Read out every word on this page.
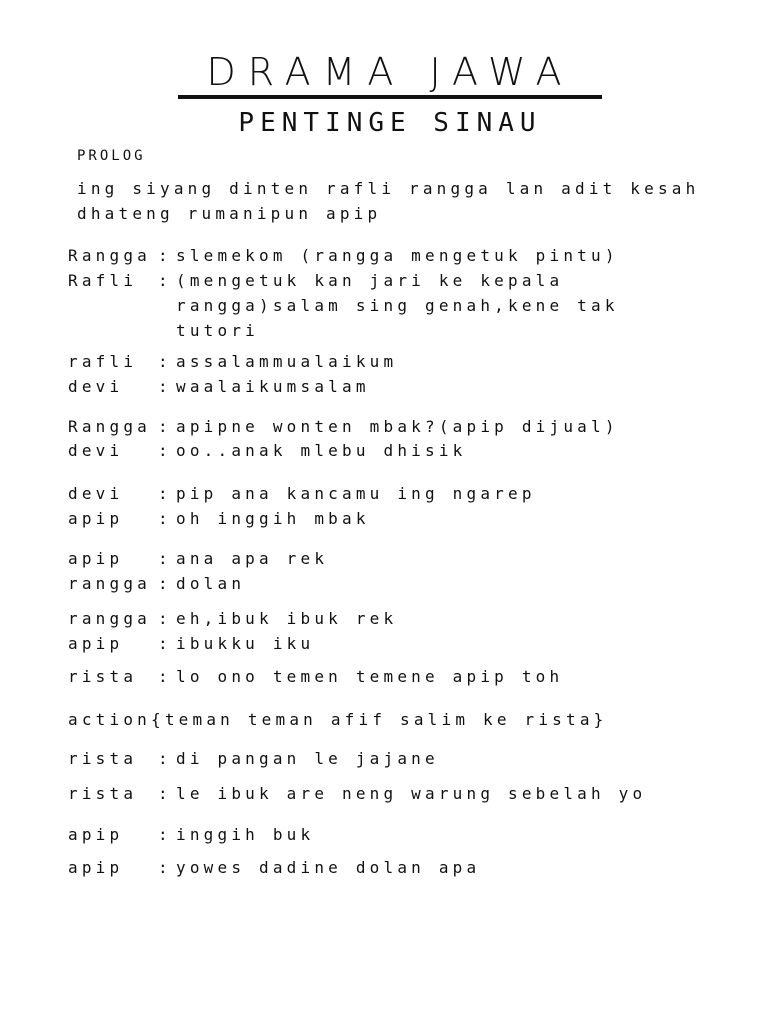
DRAMA JAWA
PENTINGE SINAU
PROLOG
ing siyang dinten rafli rangga lan adit kesah
dhateng rumanipun apip
Rangga : slemekom (rangga mengetuk pintu)
Rafli	: (mengetuk kan jari ke kepala
rangga)salam sing genah,kene tak
tutori
rafli	: assalammualaikum
devi	: waalaikumsalam
Rangga : apipne wonten mbak?(apip dijual)
devi	: oo..anak mlebu dhisik
devi	: pip ana kancamu ing ngarep
apip	: oh inggih mbak
apip	: ana apa rek
rangga : dolan
rangga : eh,ibuk ibuk rek
apip	: ibukku iku
rista	: lo ono temen temene apip toh
action{teman teman afif salim ke rista}
rista	: di pangan le jajane
rista	: le ibuk are neng warung sebelah yo
apip	: inggih buk
apip	: yowes dadine dolan apa
